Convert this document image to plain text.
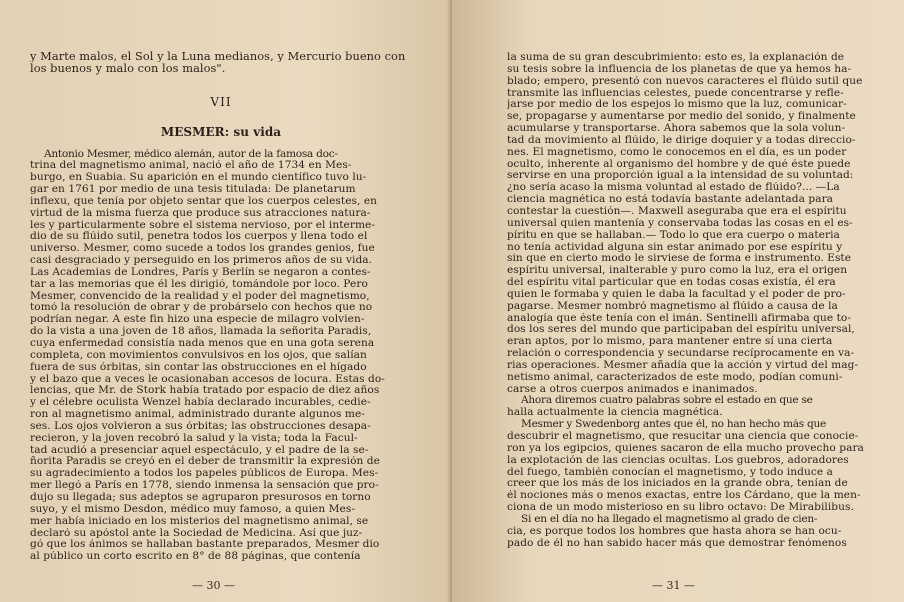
y Marte malos, el Sol y la Luna medianos, y Mercurio bueno con
los buenos y malo con los malos".
VII
MESMER: su vida
Antonio Mesmer, médico alemán, autor de la famosa doc-
trina del magnetismo animal, nació el año de 1734 en Mes-
burgo, en Suabia. Su aparición en el mundo científico tuvo lu-
gar en 1761 por medio de una tesis titulada: De planetarum
inflexu, que tenía por objeto sentar que los cuerpos celestes, en
virtud de la misma fuerza que produce sus atracciones natura-
les y particularmente sobre el sistema nervioso, por el interme-
dio de su flúido sutil, penetra todos los cuerpos y llena todo el
universo. Mesmer, como sucede a todos los grandes genios, fue
casi desgraciado y perseguido en los primeros años de su vida.
Las Academias de Londres, París y Berlín se negaron a contes-
tar a las memorias que él les dirigió, tomándole por loco. Pero
Mesmer, convencido de la realidad y el poder del magnetismo,
tomó la resolución de obrar y de probárselo con hechos que no
podrían negar. A este fin hizo una especie de milagro volvien-
do la vista a una joven de 18 años, llamada la señorita Paradis,
cuya enfermedad consistía nada menos que en una gota serena
completa, con movimientos convulsivos en los ojos, que salían
fuera de sus órbitas, sin contar las obstrucciones en el hígado
y el bazo que a veces le ocasionaban accesos de locura. Estas do-
lencias, que Mr. de Stork había tratado por espacio de diez años
y el célebre oculista Wenzel había declarado incurables, cedie-
ron al magnetismo animal, administrado durante algunos me-
ses. Los ojos volvieron a sus órbitas; las obstrucciones desapa-
recieron, y la joven recobró la salud y la vista; toda la Facul-
tad acudió a presenciar aquel espectáculo, y el padre de la se-
ñorita Paradis se creyó en el deber de transmitir la expresión de
su agradecimiento a todos los papeles públicos de Europa. Mes-
mer llegó a París en 1778, siendo inmensa la sensación que pro-
dujo su llegada; sus adeptos se agruparon presurosos en torno
suyo, y el mismo Desdon, médico muy famoso, a quien Mes-
mer había iniciado en los misterios del magnetismo animal, se
declaró su apóstol ante la Sociedad de Medicina. Así que juz-
gó que los ánimos se hallaban bastante preparados, Mesmer dio
al público un corto escrito en 8° de 88 páginas, que contenía
— 30 —
la suma de su gran descubrimiento: esto es, la explanación de
su tesis sobre la influencia de los planetas de que ya hemos ha-
blado; empero, presentó con nuevos caracteres el flúido sutil que
transmite las influencias celestes, puede concentrarse y refle-
jarse por medio de los espejos lo mismo que la luz, comunicar-
se, propagarse y aumentarse por medio del sonido, y finalmente
acumularse y transportarse. Ahora sabemos que la sola volun-
tad da movimiento al flúido, le dirige doquier y a todas direccio-
nes. El magnetismo, como le conocemos en el día, es un poder
oculto, inherente al organismo del hombre y de qué éste puede
servirse en una proporción igual a la intensidad de su voluntad:
¿no sería acaso la misma voluntad al estado de flúido?... —La
ciencia magnética no está todavía bastante adelantada para
contestar la cuestión—. Maxwell aseguraba que era el espíritu
universal quien mantenía y conservaba todas las cosas en el es-
píritu en que se hallaban.— Todo lo que era cuerpo o materia
no tenía actividad alguna sin estar animado por ese espíritu y
sin que en cierto modo le sirviese de forma e instrumento. Este
espíritu universal, inalterable y puro como la luz, era el origen
del espíritu vital particular que en todas cosas existía, él era
quien le formaba y quien le daba la facultad y el poder de pro-
pagarse. Mesmer nombró magnetismo al flúido a causa de la
analogía que éste tenía con el imán. Sentinelli afirmaba que to-
dos los seres del mundo que participaban del espíritu universal,
eran aptos, por lo mismo, para mantener entre sí una cierta
relación o correspondencia y secundarse recíprocamente en va-
rias operaciones. Mesmer añadía que la acción y virtud del mag-
netismo animal, caracterizados de este modo, podían comuni-
carse a otros cuerpos animados e inanimados.
Ahora diremos cuatro palabras sobre el estado en que se
halla actualmente la ciencia magnética.
Mesmer y Swedenborg antes que él, no han hecho más que
descubrir el magnetismo, que resucitar una ciencia que conocie-
ron ya los egipcios, quienes sacaron de ella mucho provecho para
la explotación de las ciencias ocultas. Los guebros, adoradores
del fuego, también conocían el magnetismo, y todo induce a
creer que los más de los iniciados en la grande obra, tenían de
él nociones más o menos exactas, entre los Cárdano, que la men-
ciona de un modo misterioso en su libro octavo: De Mirabilibus.
Si en el día no ha llegado el magnetismo al grado de cien-
cia, es porque todos los hombres que hasta ahora se han ocu-
pado de él no han sabido hacer más que demostrar fenómenos
— 31 —
